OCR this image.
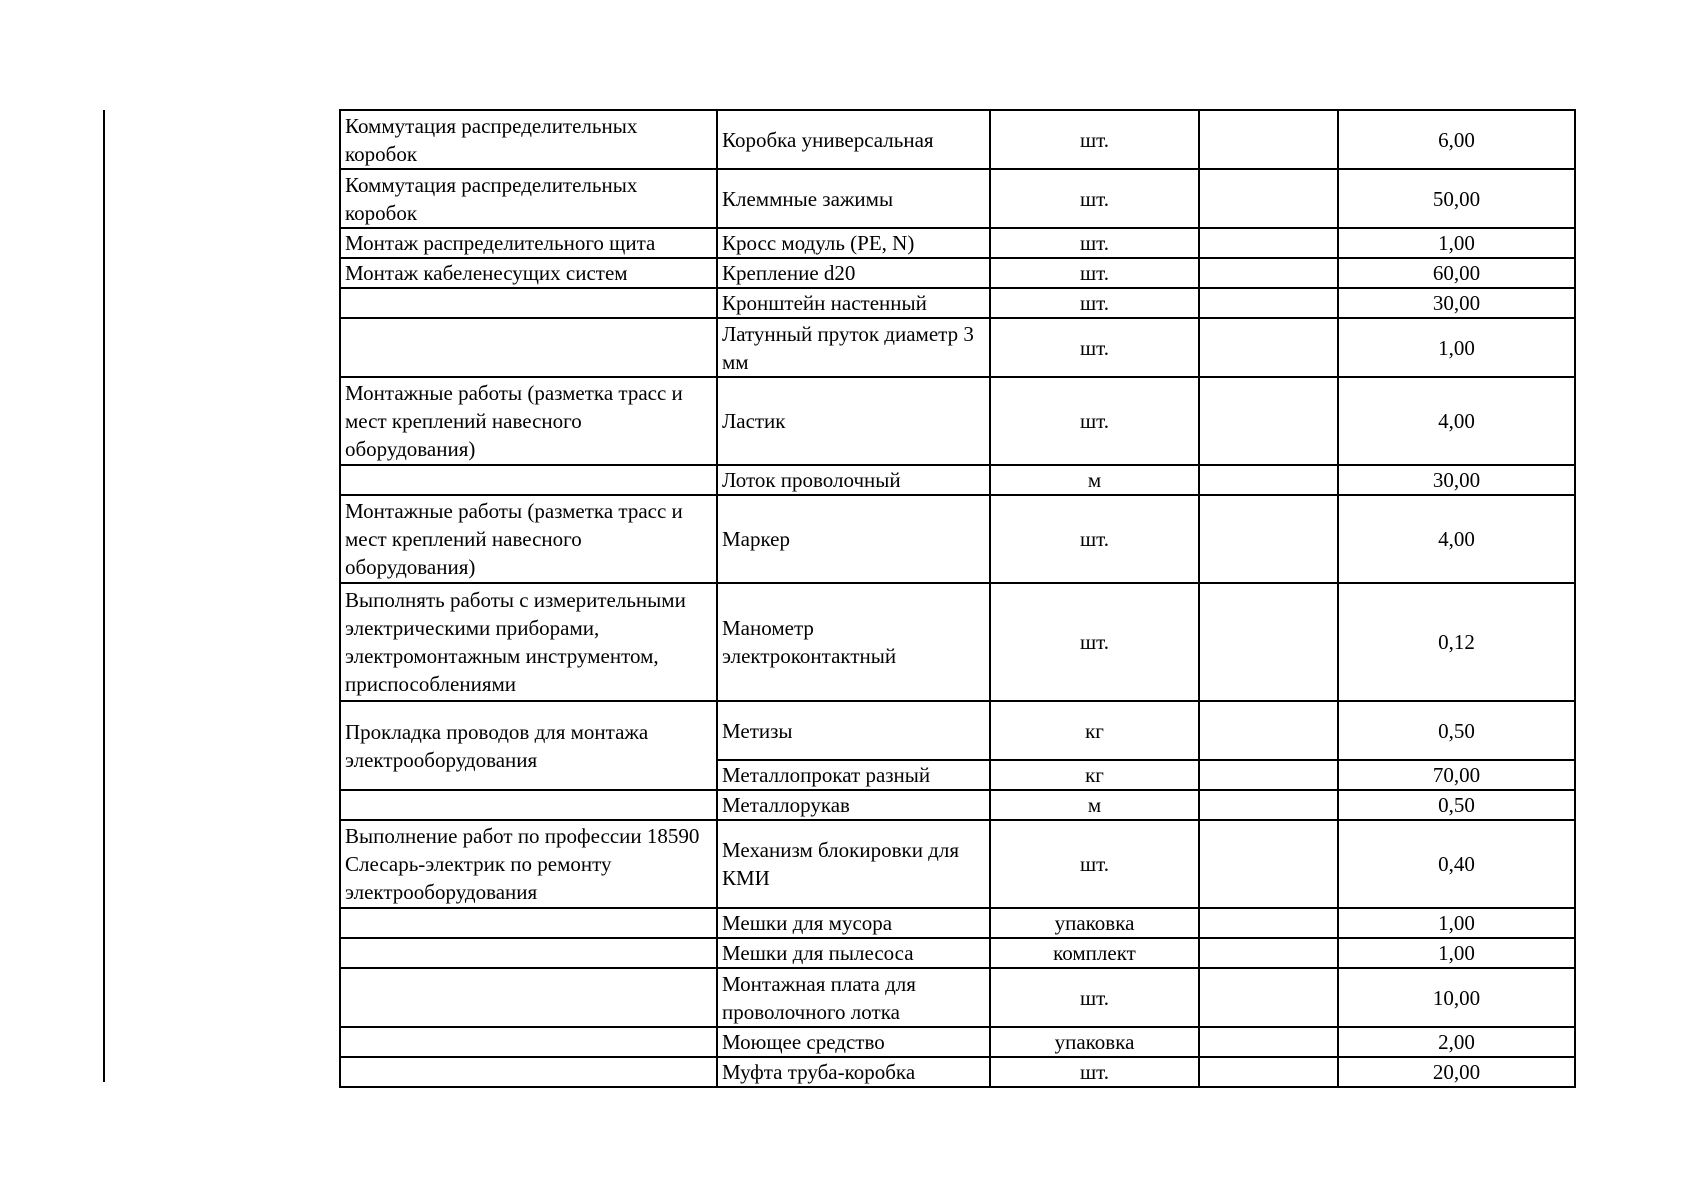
Коммутация распределительных коробок	Коробка универсальная	шт.		6,00

Коммутация распределительных коробок	Клеммные зажимы	шт.		50,00

Монтаж распределительного щита	Кросс модуль (PE, N)	шт.		1,00

Монтаж кабеленесущих систем	Крепление d20	шт.		60,00

	Кронштейн настенный	шт.		30,00

	Латунный пруток диаметр 3 мм	шт.		1,00

Монтажные работы (разметка трасс и мест креплений навесного оборудования)	Ластик	шт.		4,00

	Лоток проволочный	м		30,00

Монтажные работы (разметка трасс и мест креплений навесного оборудования)	Маркер	шт.		4,00

Выполнять работы с измерительными электрическими приборами, электромонтажным инструментом, приспособлениями	Манометр электроконтактный	шт.		0,12

Прокладка проводов для монтажа электрооборудования	Метизы	кг		0,50
	Металлопрокат разный	кг		70,00

	Металлорукав	м		0,50

Выполнение работ по профессии 18590 Слесарь-электрик по ремонту электрооборудования	Механизм блокировки для КМИ	шт.		0,40

	Мешки для мусора	упаковка		1,00

	Мешки для пылесоса	комплект		1,00

	Монтажная плата для проволочного лотка	шт.		10,00

	Моющее средство	упаковка		2,00

	Муфта труба-коробка	шт.		20,00
